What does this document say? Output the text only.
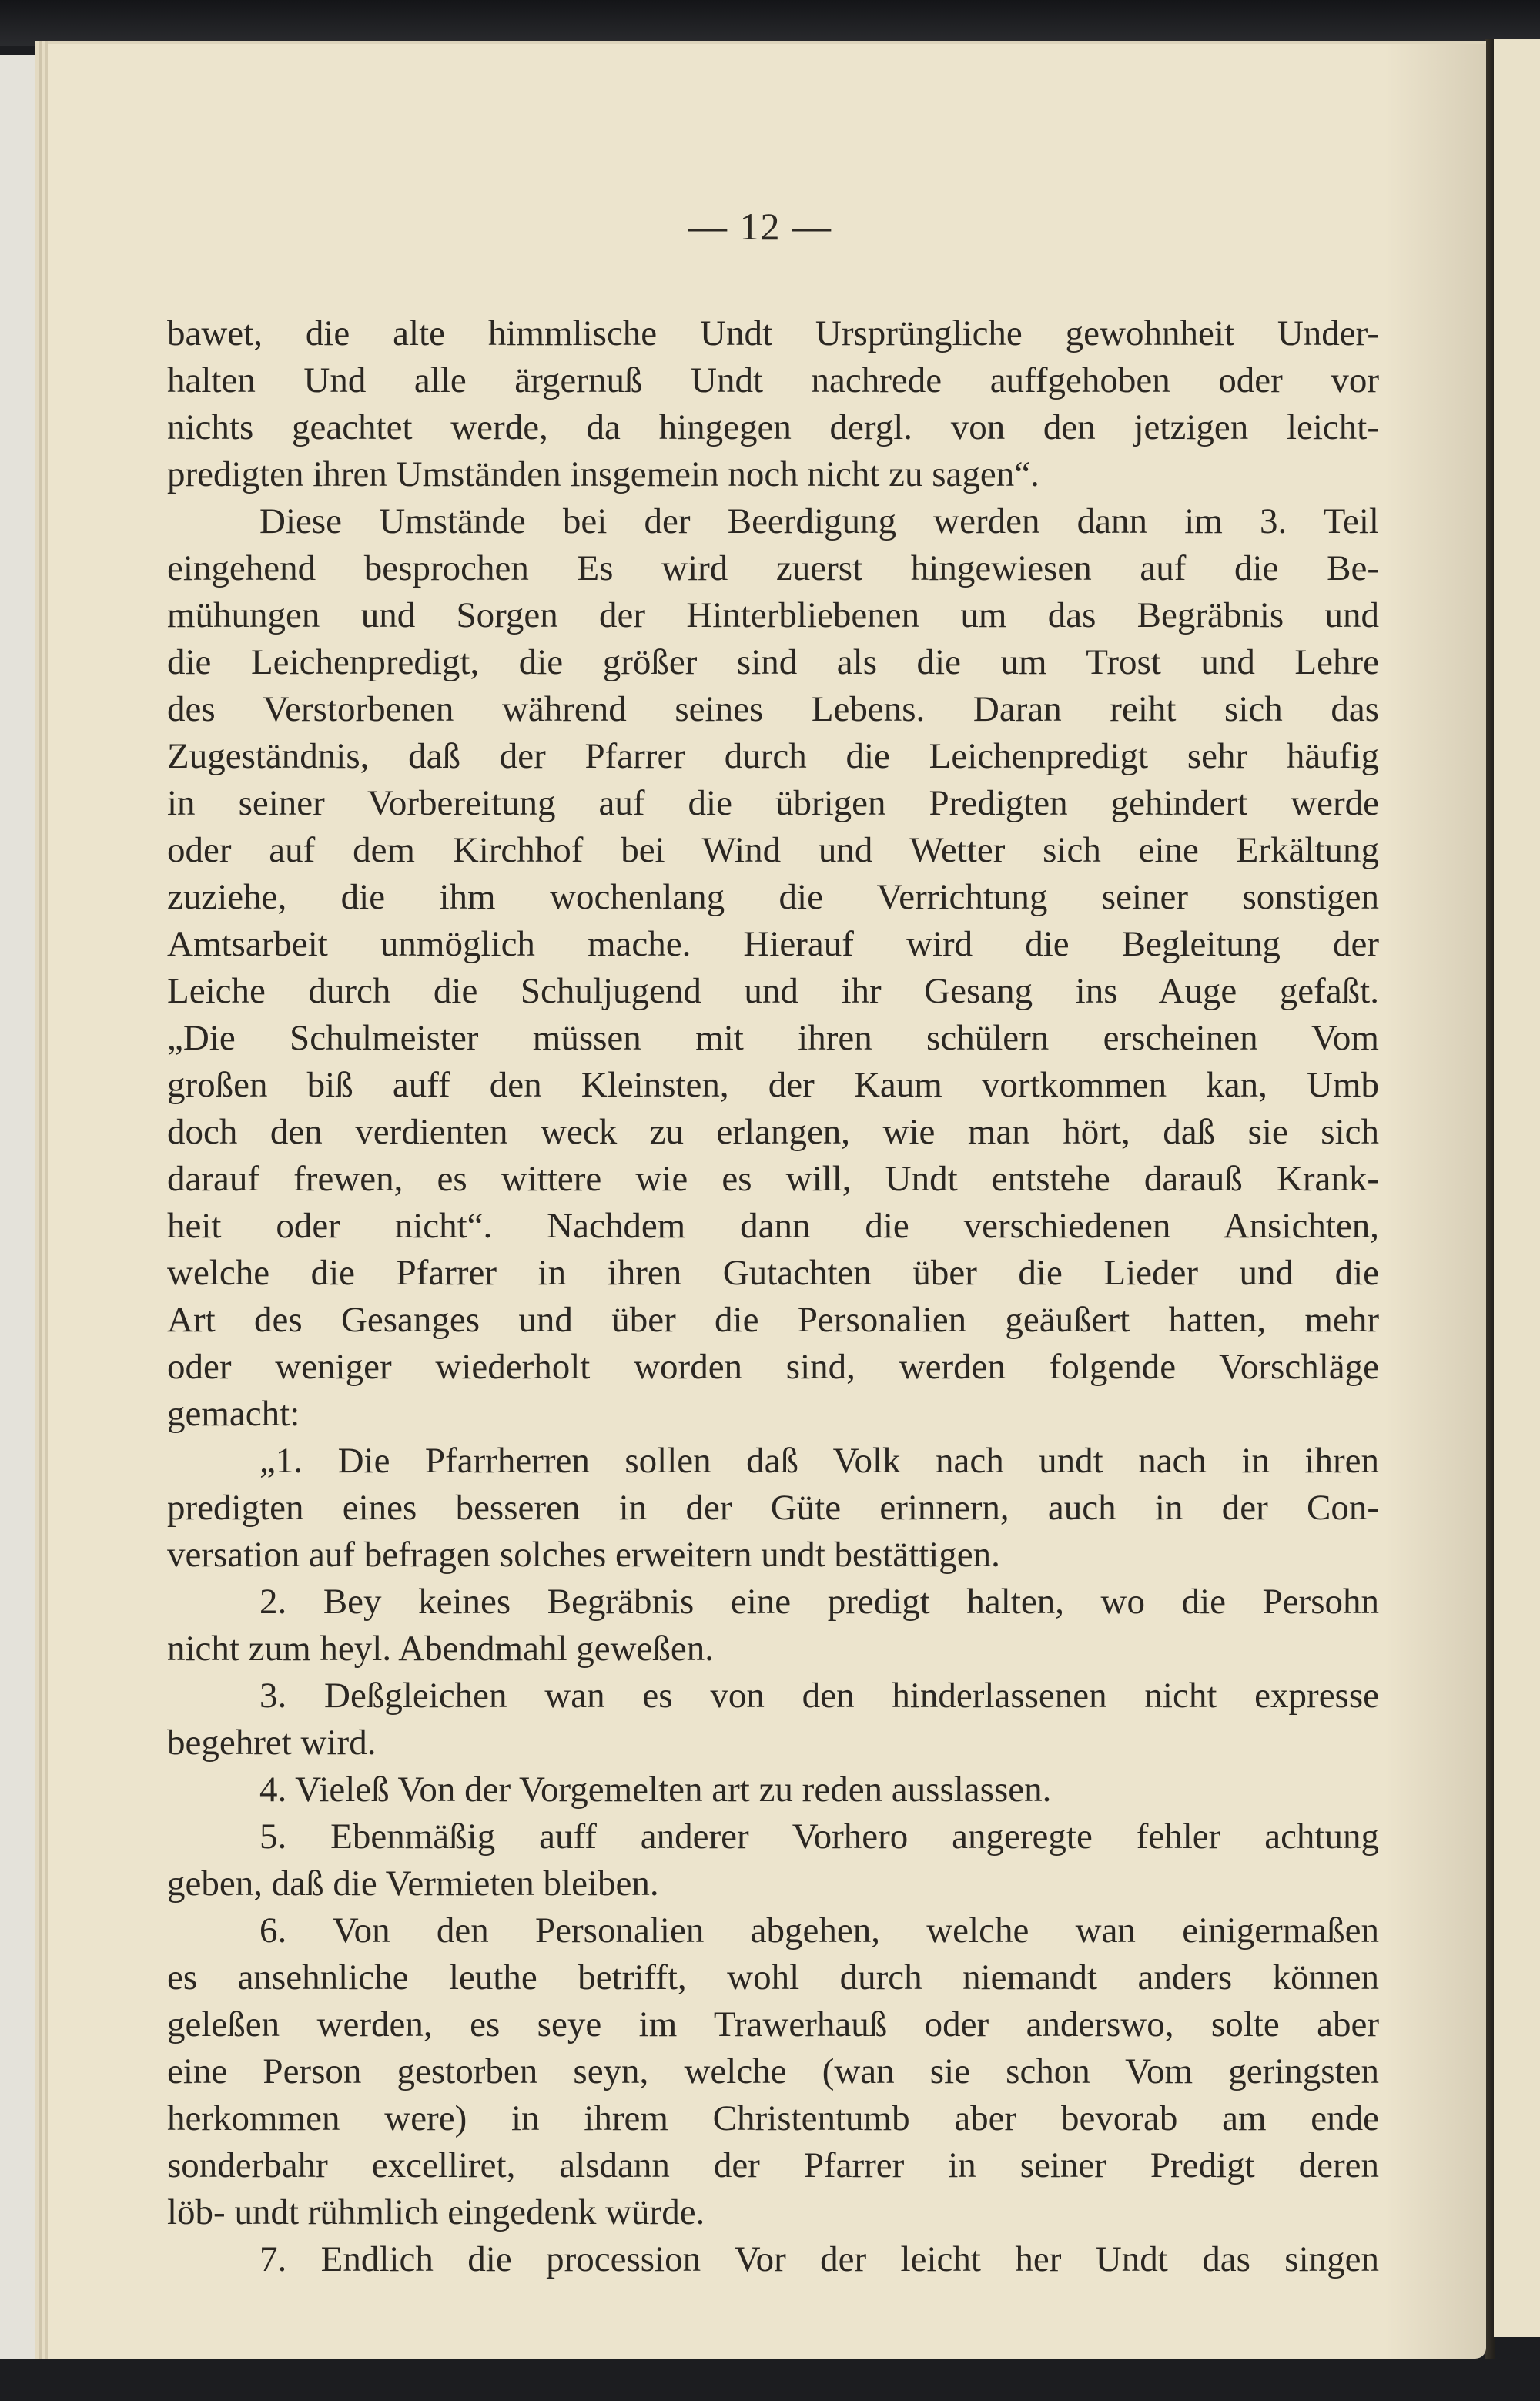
— 12 —
bawet, die alte himmlische Undt Ursprüngliche gewohnheit Under-
halten Und alle ärgernuß Undt nachrede auffgehoben oder vor
nichts geachtet werde, da hingegen dergl. von den jetzigen leicht-
predigten ihren Umständen insgemein noch nicht zu sagen“.
Diese Umstände bei der Beerdigung werden dann im 3. Teil
eingehend besprochen Es wird zuerst hingewiesen auf die Be-
mühungen und Sorgen der Hinterbliebenen um das Begräbnis und
die Leichenpredigt, die größer sind als die um Trost und Lehre
des Verstorbenen während seines Lebens. Daran reiht sich das
Zugeständnis, daß der Pfarrer durch die Leichenpredigt sehr häufig
in seiner Vorbereitung auf die übrigen Predigten gehindert werde
oder auf dem Kirchhof bei Wind und Wetter sich eine Erkältung
zuziehe, die ihm wochenlang die Verrichtung seiner sonstigen
Amtsarbeit unmöglich mache. Hierauf wird die Begleitung der
Leiche durch die Schuljugend und ihr Gesang ins Auge gefaßt.
„Die Schulmeister müssen mit ihren schülern erscheinen Vom
großen biß auff den Kleinsten, der Kaum vortkommen kan, Umb
doch den verdienten weck zu erlangen, wie man hört, daß sie sich
darauf frewen, es wittere wie es will, Undt entstehe darauß Krank-
heit oder nicht“. Nachdem dann die verschiedenen Ansichten,
welche die Pfarrer in ihren Gutachten über die Lieder und die
Art des Gesanges und über die Personalien geäußert hatten, mehr
oder weniger wiederholt worden sind, werden folgende Vorschläge
gemacht:
„1. Die Pfarrherren sollen daß Volk nach undt nach in ihren
predigten eines besseren in der Güte erinnern, auch in der Con-
versation auf befragen solches erweitern undt bestättigen.
2. Bey keines Begräbnis eine predigt halten, wo die Persohn
nicht zum heyl. Abendmahl geweßen.
3. Deßgleichen wan es von den hinderlassenen nicht expresse
begehret wird.
4. Vieleß Von der Vorgemelten art zu reden ausslassen.
5. Ebenmäßig auff anderer Vorhero angeregte fehler achtung
geben, daß die Vermieten bleiben.
6. Von den Personalien abgehen, welche wan einigermaßen
es ansehnliche leuthe betrifft, wohl durch niemandt anders können
geleßen werden, es seye im Trawerhauß oder anderswo, solte aber
eine Person gestorben seyn, welche (wan sie schon Vom geringsten
herkommen were) in ihrem Christentumb aber bevorab am ende
sonderbahr excelliret, alsdann der Pfarrer in seiner Predigt deren
löb- undt rühmlich eingedenk würde.
7. Endlich die procession Vor der leicht her Undt das singen
